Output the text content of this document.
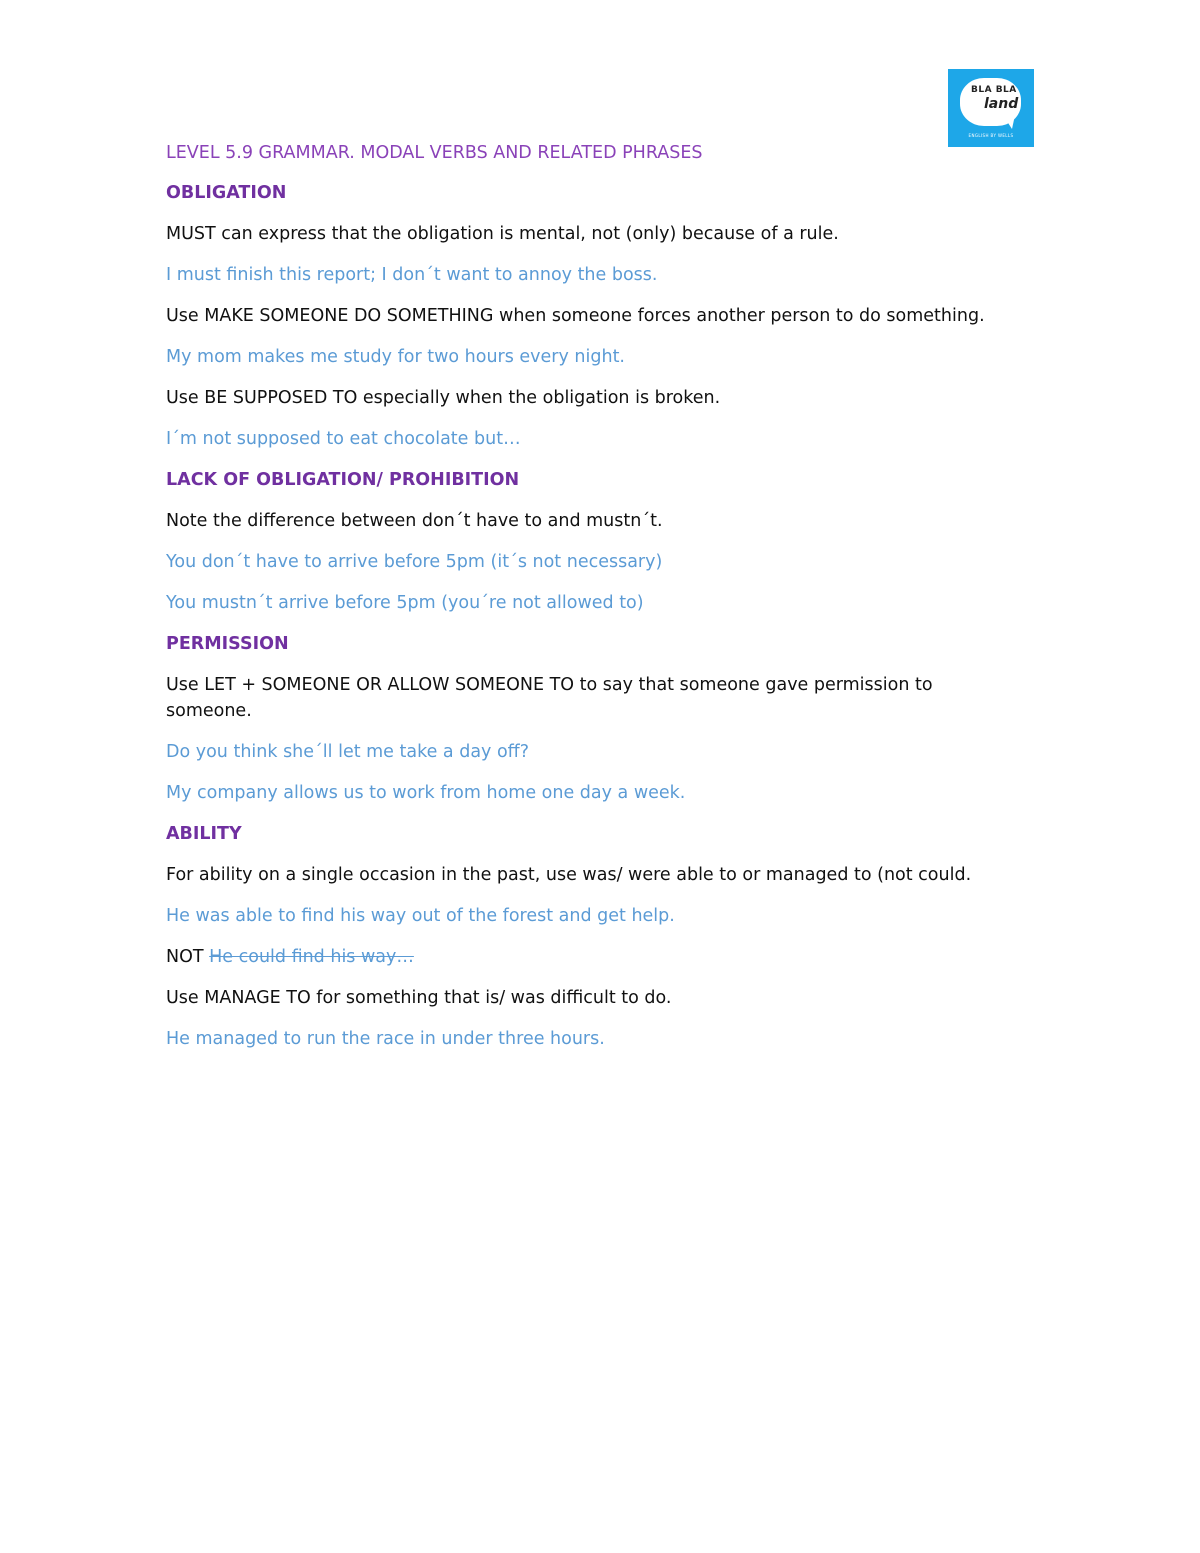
BLA BLA
land
ENGLISH BY WELLS

LEVEL 5.9 GRAMMAR. MODAL VERBS AND RELATED PHRASES

OBLIGATION

MUST can express that the obligation is mental, not (only) because of a rule.

I must finish this report; I don´t want to annoy the boss.

Use MAKE SOMEONE DO SOMETHING when someone forces another person to do something.

My mom makes me study for two hours every night.

Use BE SUPPOSED TO especially when the obligation is broken.

I´m not supposed to eat chocolate but…

LACK OF OBLIGATION/ PROHIBITION

Note the difference between don´t have to and mustn´t.

You don´t have to arrive before 5pm (it´s not necessary)

You mustn´t arrive before 5pm (you´re not allowed to)

PERMISSION

Use LET + SOMEONE OR ALLOW SOMEONE TO to say that someone gave permission to someone.

Do you think she´ll let me take a day off?

My company allows us to work from home one day a week.

ABILITY

For ability on a single occasion in the past, use was/ were able to or managed to (not could.

He was able to find his way out of the forest and get help.

NOT He could find his way…

Use MANAGE TO for something that is/ was difficult to do.

He managed to run the race in under three hours.
